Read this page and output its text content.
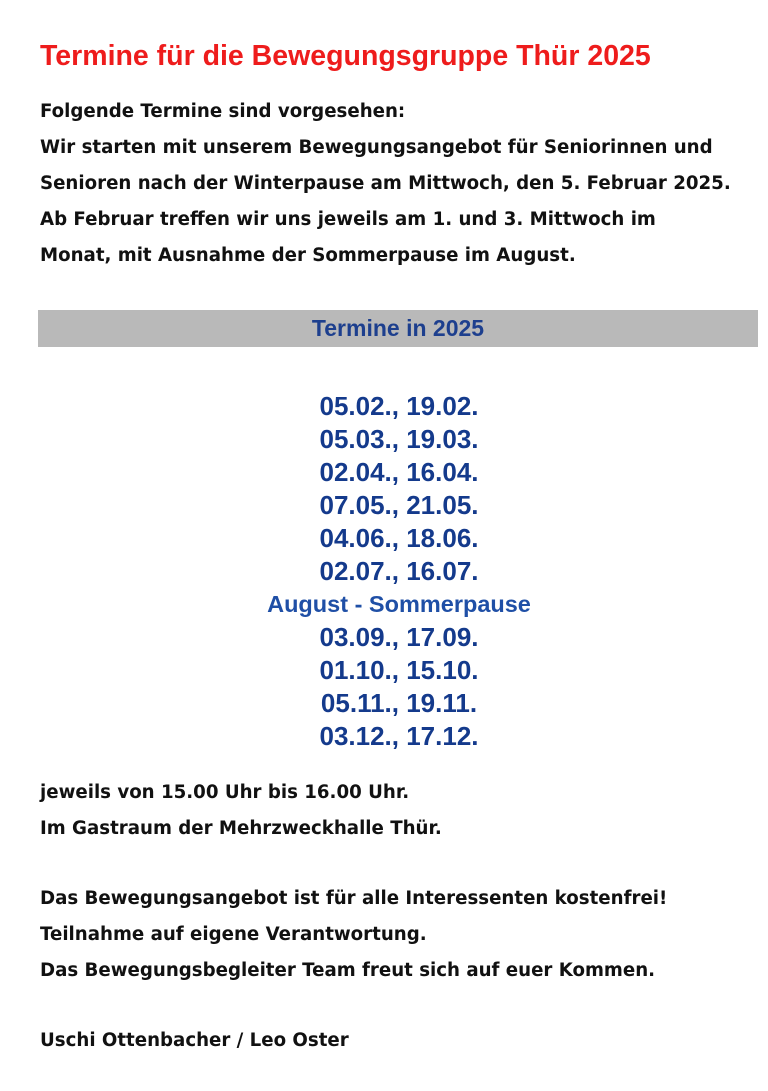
Termine für die Bewegungsgruppe Thür 2025
Folgende Termine sind vorgesehen:
Wir starten mit unserem Bewegungsangebot für Seniorinnen und
Senioren nach der Winterpause am Mittwoch, den 5. Februar 2025.
Ab Februar treffen wir uns jeweils am 1. und 3. Mittwoch im
Monat, mit Ausnahme der Sommerpause im August.
Termine in 2025
05.02., 19.02.
05.03., 19.03.
02.04., 16.04.
07.05., 21.05.
04.06., 18.06.
02.07., 16.07.
August - Sommerpause
03.09., 17.09.
01.10., 15.10.
05.11., 19.11.
03.12., 17.12.
jeweils von 15.00 Uhr bis 16.00 Uhr.
Im Gastraum der Mehrzweckhalle Thür.
Das Bewegungsangebot ist für alle Interessenten kostenfrei!
Teilnahme auf eigene Verantwortung.
Das Bewegungsbegleiter Team freut sich auf euer Kommen.
Uschi Ottenbacher / Leo Oster
